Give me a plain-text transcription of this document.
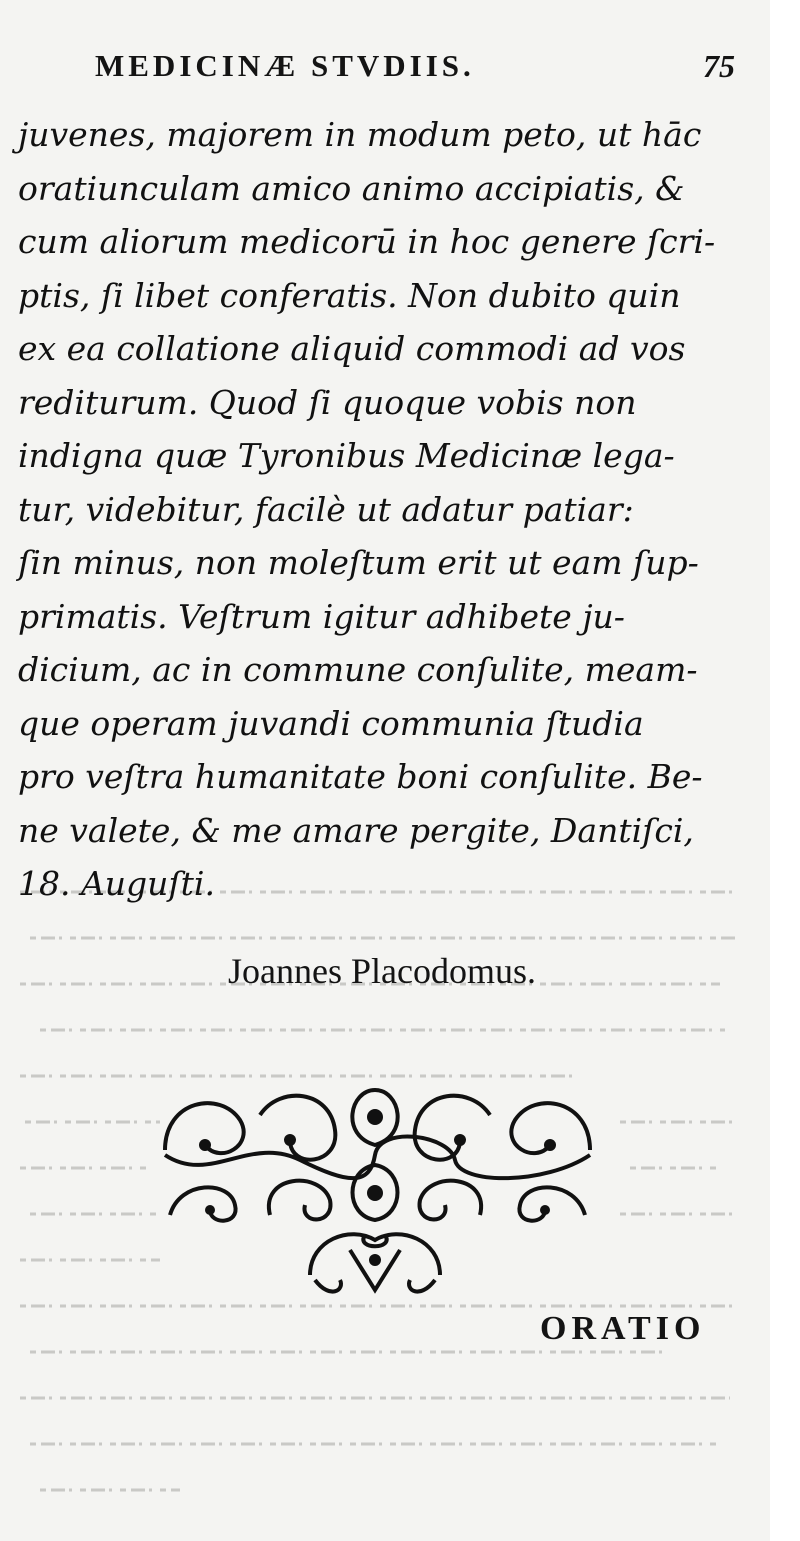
MEDICINÆ STVDIIS.	75
juvenes, majorem in modum peto, ut hāc
oratiunculam amico animo accipiatis, &
cum aliorum medicorū in hoc genere ſcri-
ptis, ſi libet conferatis. Non dubito quin
ex ea collatione aliquid commodi ad vos
rediturum. Quod ſi quoque vobis non
indigna quæ Tyronibus Medicinæ lega-
tur, videbitur, facilè ut adatur patiar:
ſin minus, non moleſtum erit ut eam ſup-
primatis. Veſtrum igitur adhibete ju-
dicium, ac in commune conſulite, meam-
que operam juvandi communia ſtudia
pro veſtra humanitate boni conſulite. Be-
ne valete, & me amare pergite, Dantiſci,
18. Auguſti.
Joannes Placodomus.
ORATIO
